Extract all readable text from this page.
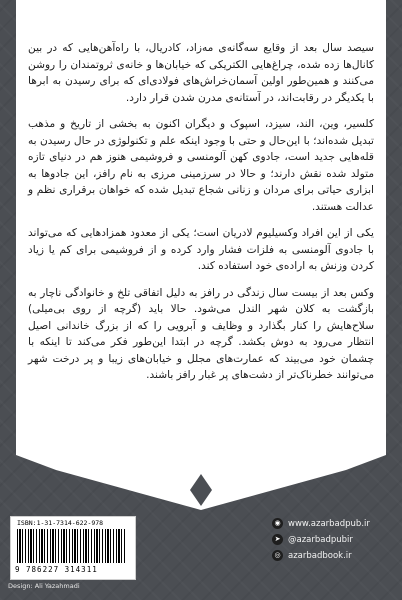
سیصد سال بعد از وقایع سه‌گانه‌ی مه‌زاد، کادریال، با راه‌آهن‌هایی که در بین کانال‌ها زده شده، چراغ‌هایی الکتریکی که خیابان‌ها و خانه‌ی ثروتمندان را روشن می‌کنند و همین‌طور اولین آسمان‌خراش‌های فولادی‌ای که برای رسیدن به ابرها با یکدیگر در رقابت‌اند، در آستانه‌ی مدرن شدن قرار دارد.

کلسیر، وین، الند، سیزد، اسپوک و دیگران اکنون به بخشی از تاریخ و مذهب تبدیل شده‌اند؛ با این‌حال و حتی با وجود اینکه علم و تکنولوژی در حال رسیدن به قله‌هایی جدید است، جادوی کهن آلومنسی و فروشیمی هنوز هم در دنیای تازه متولد شده نقش دارند؛ و حالا در سرزمینی مرزی به نام رافز، این جادوها به ابزاری حیاتی برای مردان و زنانی شجاع تبدیل شده که خواهان برقراری نظم و عدالت هستند.

یکی از این افراد وکسیلیوم لادریان است؛ یکی از معدود همزادهایی که می‌تواند با جادوی آلومنسی به فلزات فشار وارد کرده و از فروشیمی برای کم یا زیاد کردن وزنش به اراده‌ی خود استفاده کند.

وکس بعد از بیست سال زندگی در رافز به دلیل اتفاقی تلخ و خانوادگی ناچار به بازگشت به کلان شهر الندل می‌شود. حالا باید (گرچه از روی بی‌میلی) سلاح‌هایش را کنار بگذارد و وظایف و آبرویی را که از بزرگ خاندانی اصیل انتظار می‌رود به دوش بکشد. گرچه در ابتدا این‌طور فکر می‌کند تا اینکه با چشمان خود می‌بیند که عمارت‌های مجلل و خیابان‌های زیبا و پر درخت شهر می‌توانند خطرناک‌تر از دشت‌های پر غبار رافز باشند.

ISBN:1-31-7314-622-978
9 786227 314311
Design: Ali Yazahmadi
◉ www.azarbadpub.ir
➤ @azarbadpubir
◎ azarbadbook.ir
